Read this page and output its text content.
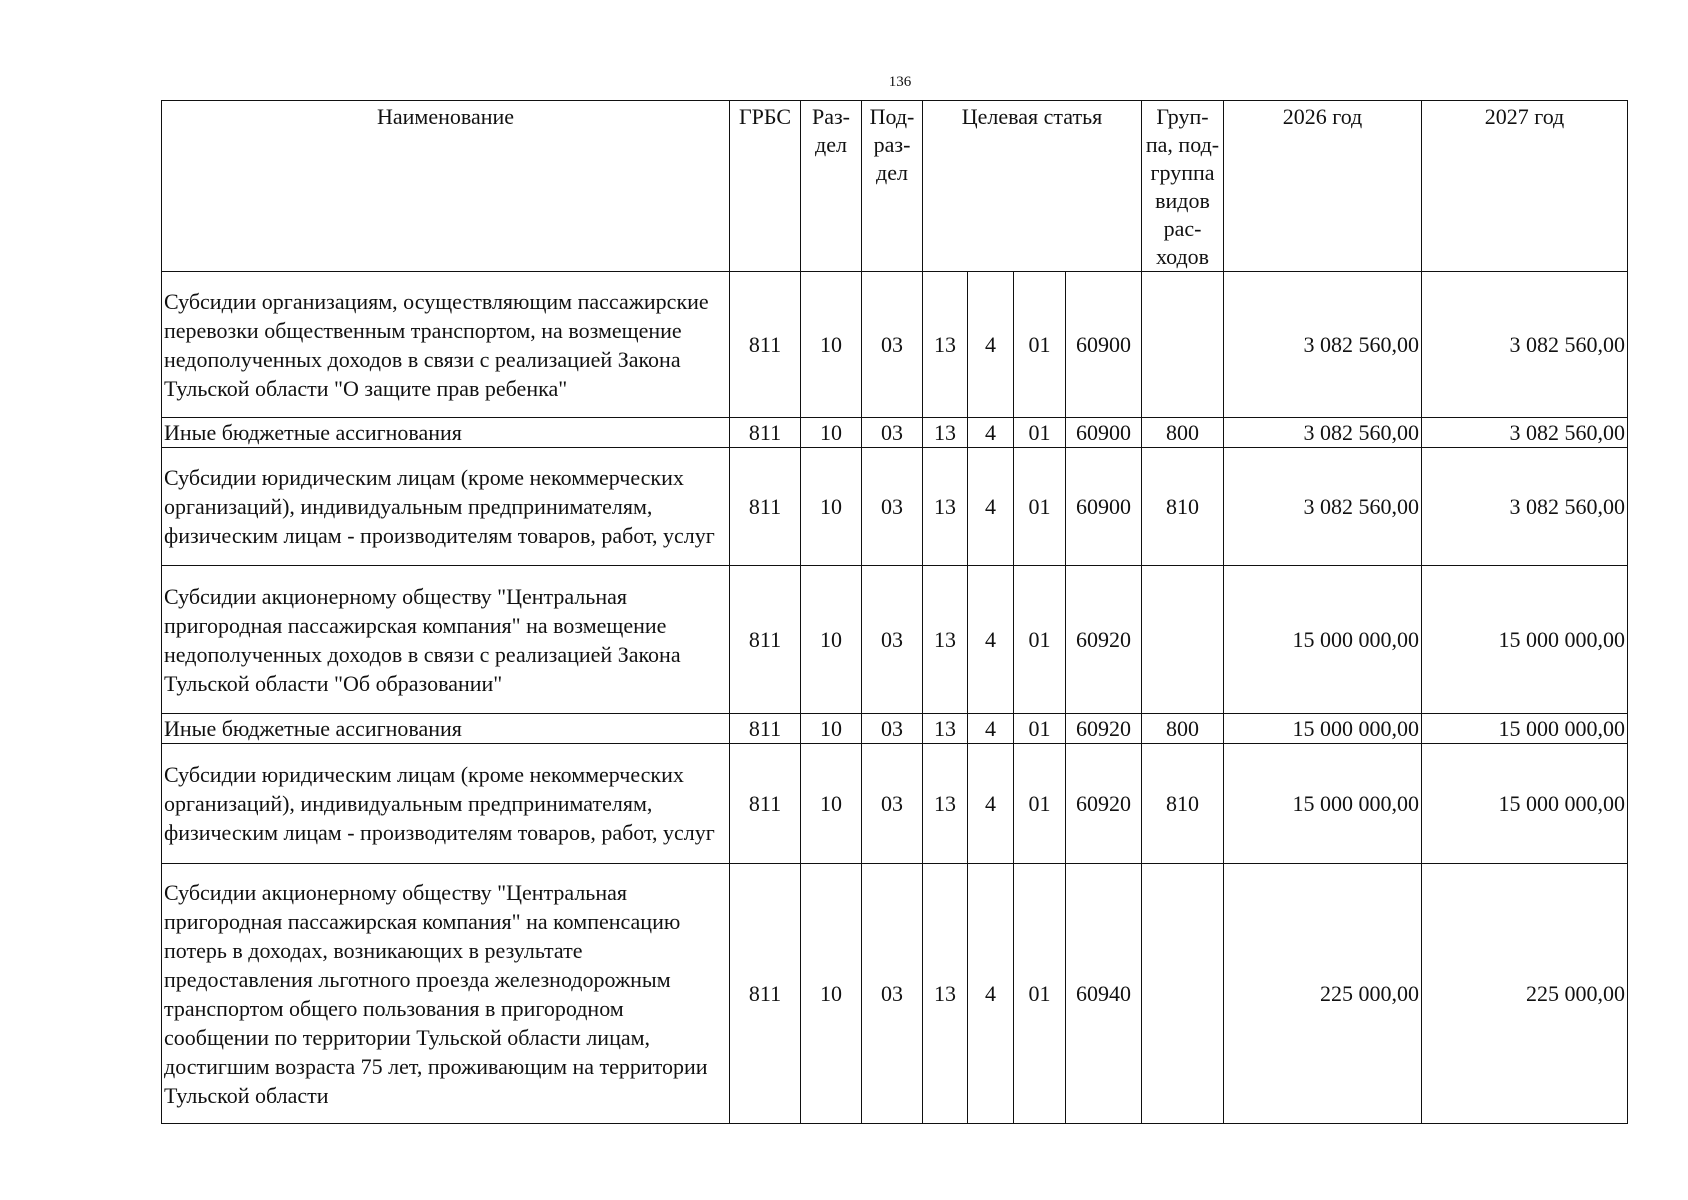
136
Наименование	ГРБС	Раз-дел	Под-раз-дел	Целевая статья				Груп-па, под-группа видов рас-ходов	2026 год	2027 год
Субсидии организациям, осуществляющим пассажирские перевозки общественным транспортом, на возмещение недополученных доходов в связи с реализацией Закона Тульской области "О защите прав ребенка"	811	10	03	13	4	01	60900		3 082 560,00	3 082 560,00
Иные бюджетные ассигнования	811	10	03	13	4	01	60900	800	3 082 560,00	3 082 560,00
Субсидии юридическим лицам (кроме некоммерческих организаций), индивидуальным предпринимателям, физическим лицам - производителям товаров, работ, услуг	811	10	03	13	4	01	60900	810	3 082 560,00	3 082 560,00
Субсидии акционерному обществу "Центральная пригородная пассажирская компания" на возмещение недополученных доходов в связи с реализацией Закона Тульской области "Об образовании"	811	10	03	13	4	01	60920		15 000 000,00	15 000 000,00
Иные бюджетные ассигнования	811	10	03	13	4	01	60920	800	15 000 000,00	15 000 000,00
Субсидии юридическим лицам (кроме некоммерческих организаций), индивидуальным предпринимателям, физическим лицам - производителям товаров, работ, услуг	811	10	03	13	4	01	60920	810	15 000 000,00	15 000 000,00
Субсидии акционерному обществу "Центральная пригородная пассажирская компания" на компенсацию потерь в доходах, возникающих в результате предоставления льготного проезда железнодорожным транспортом общего пользования в пригородном сообщении по территории Тульской области лицам, достигшим возраста 75 лет, проживающим на территории Тульской области	811	10	03	13	4	01	60940		225 000,00	225 000,00
